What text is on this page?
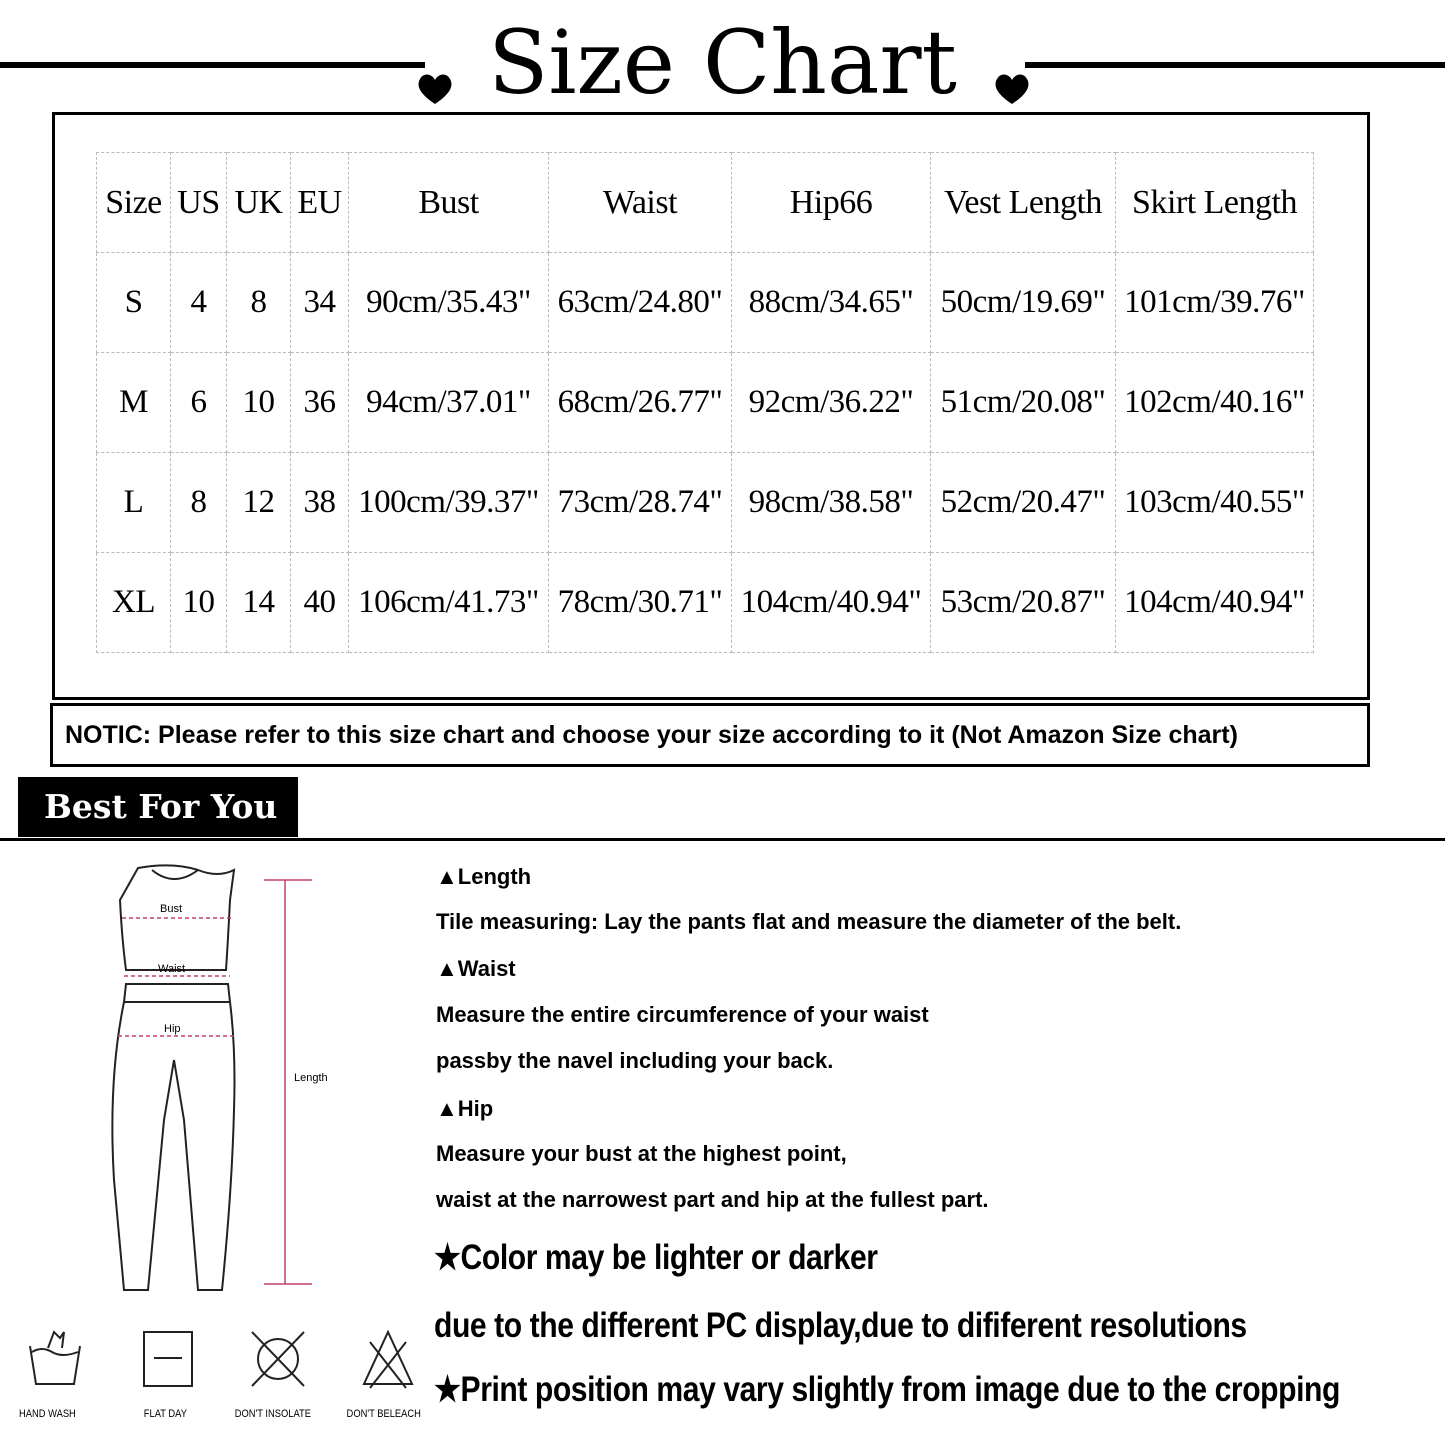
Size Chart
Size	US	UK	EU	Bust	Waist	Hip66	Vest Length	Skirt Length
S	4	8	34	90cm/35.43"	63cm/24.80"	88cm/34.65"	50cm/19.69"	101cm/39.76"
M	6	10	36	94cm/37.01"	68cm/26.77"	92cm/36.22"	51cm/20.08"	102cm/40.16"
L	8	12	38	100cm/39.37"	73cm/28.74"	98cm/38.58"	52cm/20.47"	103cm/40.55"
XL	10	14	40	106cm/41.73"	78cm/30.71"	104cm/40.94"	53cm/20.87"	104cm/40.94"
NOTIC: Please refer to this size chart and choose your size according to it (Not Amazon Size chart)
Best For You
Bust
Waist
Hip
Length
▲Length
Tile measuring: Lay the pants flat and measure the diameter of the belt.
▲Waist
Measure the entire circumference of your waist
passby the navel including your back.
▲Hip
Measure your bust at the highest point,
waist at the narrowest part and hip at the fullest part.
★Color may be lighter or darker
due to the different PC display,due to dififerent resolutions
★Print position may vary slightly from image due to the cropping
HAND WASH	FLAT DAY	DON'T INSOLATE	DON'T BELEACH
